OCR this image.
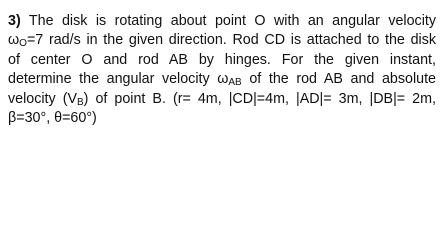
3) The disk is rotating about point O with an angular velocity
$\omega_O=7$ rad/s in the given direction. Rod CD is attached to the disk
of center O and rod AB by hinges. For the given instant,
determine the angular velocity $\omega_{AB}$ of the rod AB and absolute
velocity $(V_B)$ of point B. (r= 4m, |CD|=4m, |AD|= 3m, |DB|= 2m,
β=30°, θ=60°)
